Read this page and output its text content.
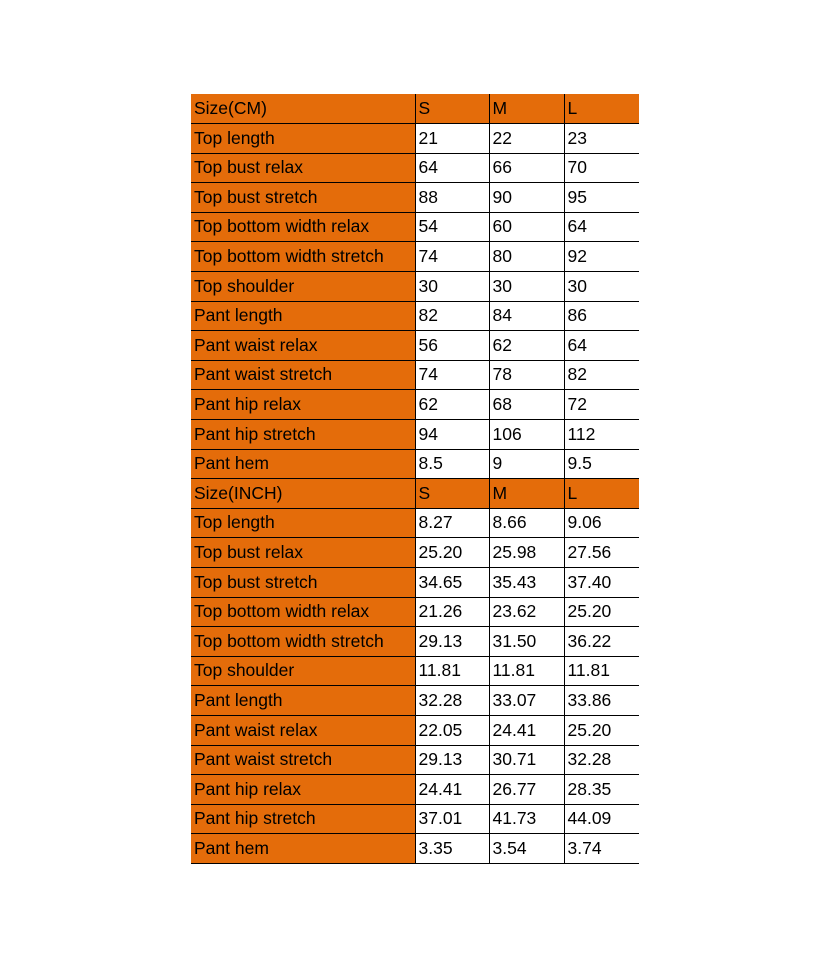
Size(CM)	S	M	L
Top length	21	22	23
Top bust relax	64	66	70
Top bust stretch	88	90	95
Top bottom width relax	54	60	64
Top bottom width stretch	74	80	92
Top shoulder	30	30	30
Pant length	82	84	86
Pant waist relax	56	62	64
Pant waist stretch	74	78	82
Pant hip relax	62	68	72
Pant hip stretch	94	106	112
Pant hem	8.5	9	9.5
Size(INCH)	S	M	L
Top length	8.27	8.66	9.06
Top bust relax	25.20	25.98	27.56
Top bust stretch	34.65	35.43	37.40
Top bottom width relax	21.26	23.62	25.20
Top bottom width stretch	29.13	31.50	36.22
Top shoulder	11.81	11.81	11.81
Pant length	32.28	33.07	33.86
Pant waist relax	22.05	24.41	25.20
Pant waist stretch	29.13	30.71	32.28
Pant hip relax	24.41	26.77	28.35
Pant hip stretch	37.01	41.73	44.09
Pant hem	3.35	3.54	3.74
